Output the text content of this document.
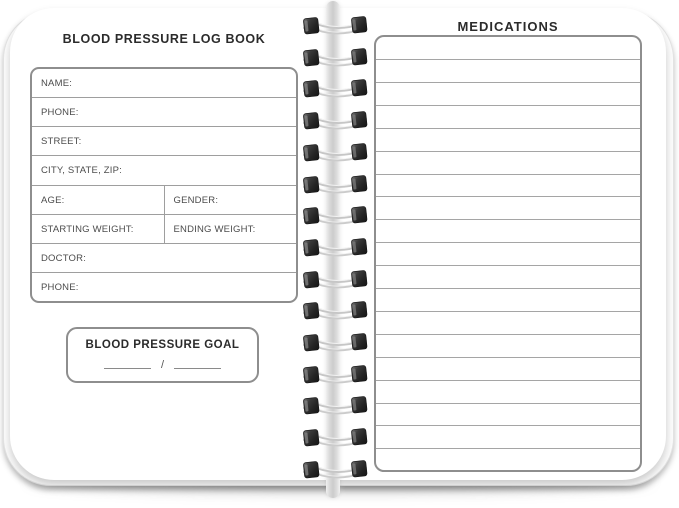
BLOOD PRESSURE LOG BOOK
NAME:
PHONE:
STREET:
CITY, STATE, ZIP:
AGE:	GENDER:
STARTING WEIGHT:	ENDING WEIGHT:
DOCTOR:
PHONE:
BLOOD PRESSURE GOAL
/
MEDICATIONS
